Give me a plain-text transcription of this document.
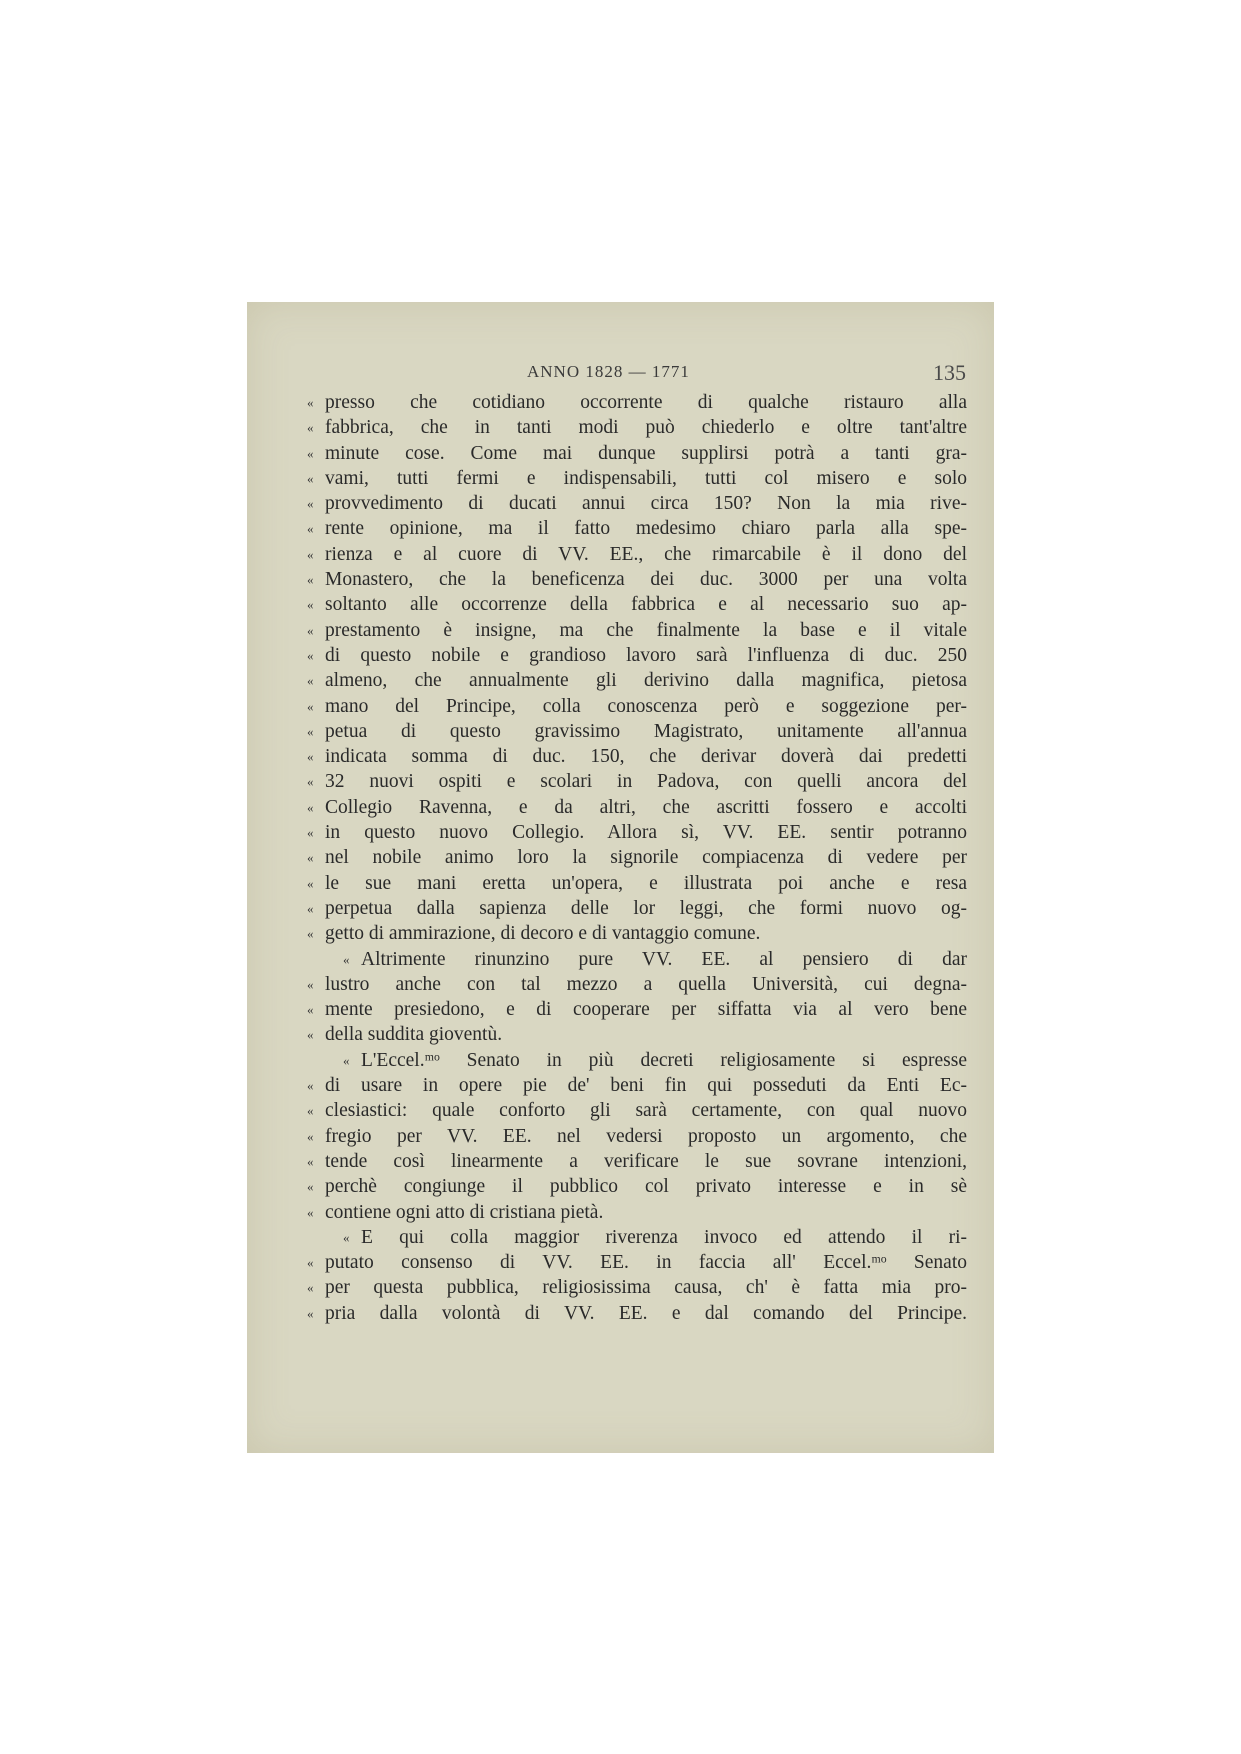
ANNO 1828 — 1771	135
« presso che cotidiano occorrente di qualche ristauro alla
« fabbrica, che in tanti modi può chiederlo e oltre tant'altre
« minute cose. Come mai dunque supplirsi potrà a tanti gra-
« vami, tutti fermi e indispensabili, tutti col misero e solo
« provvedimento di ducati annui circa 150? Non la mia rive-
« rente opinione, ma il fatto medesimo chiaro parla alla spe-
« rienza e al cuore di VV. EE., che rimarcabile è il dono del
« Monastero, che la beneficenza dei duc. 3000 per una volta
« soltanto alle occorrenze della fabbrica e al necessario suo ap-
« prestamento è insigne, ma che finalmente la base e il vitale
« di questo nobile e grandioso lavoro sarà l'influenza di duc. 250
« almeno, che annualmente gli derivino dalla magnifica, pietosa
« mano del Principe, colla conoscenza però e soggezione per-
« petua di questo gravissimo Magistrato, unitamente all'annua
« indicata somma di duc. 150, che derivar doverà dai predetti
« 32 nuovi ospiti e scolari in Padova, con quelli ancora del
« Collegio Ravenna, e da altri, che ascritti fossero e accolti
« in questo nuovo Collegio. Allora sì, VV. EE. sentir potranno
« nel nobile animo loro la signorile compiacenza di vedere per
« le sue mani eretta un'opera, e illustrata poi anche e resa
« perpetua dalla sapienza delle lor leggi, che formi nuovo og-
« getto di ammirazione, di decoro e di vantaggio comune.
« Altrimente rinunzino pure VV. EE. al pensiero di dar
« lustro anche con tal mezzo a quella Università, cui degna-
« mente presiedono, e di cooperare per siffatta via al vero bene
« della suddita gioventù.
« L'Eccel.ᵐᵒ Senato in più decreti religiosamente si espresse
« di usare in opere pie de' beni fin qui posseduti da Enti Ec-
« clesiastici: quale conforto gli sarà certamente, con qual nuovo
« fregio per VV. EE. nel vedersi proposto un argomento, che
« tende così linearmente a verificare le sue sovrane intenzioni,
« perchè congiunge il pubblico col privato interesse e in sè
« contiene ogni atto di cristiana pietà.
« E qui colla maggior riverenza invoco ed attendo il ri-
« putato consenso di VV. EE. in faccia all' Eccel.ᵐᵒ Senato
« per questa pubblica, religiosissima causa, ch' è fatta mia pro-
« pria dalla volontà di VV. EE. e dal comando del Principe.
